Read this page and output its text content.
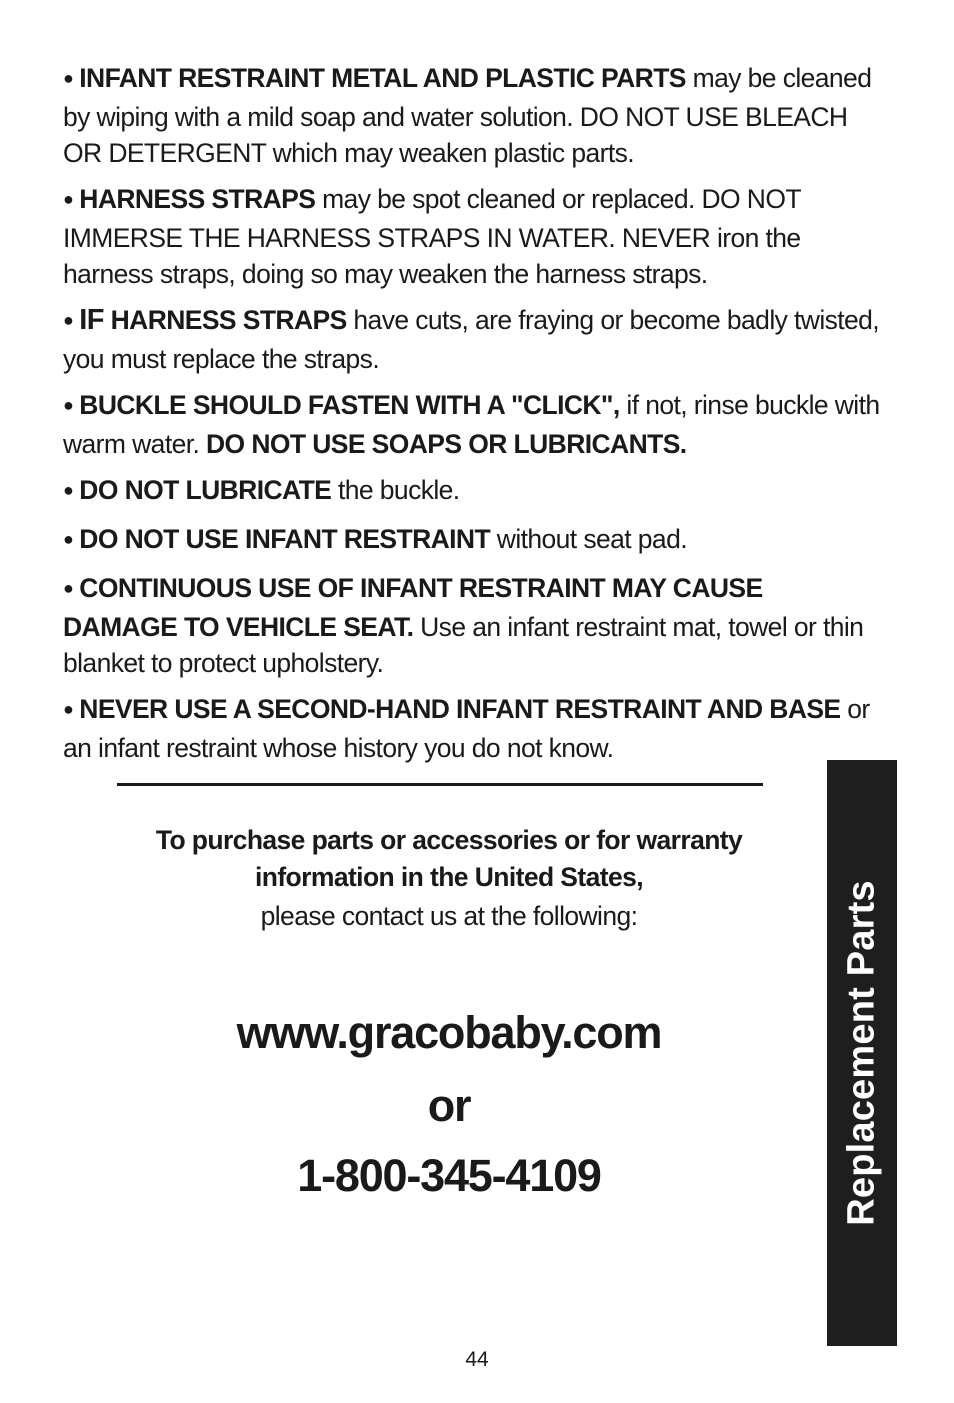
● INFANT RESTRAINT METAL AND PLASTIC PARTS may be cleaned by wiping with a mild soap and water solution. DO NOT USE BLEACH OR DETERGENT which may weaken plastic parts.

● HARNESS STRAPS may be spot cleaned or replaced. DO NOT IMMERSE THE HARNESS STRAPS IN WATER. NEVER iron the harness straps, doing so may weaken the harness straps.

● IF HARNESS STRAPS have cuts, are fraying or become badly twisted, you must replace the straps.

● BUCKLE SHOULD FASTEN WITH A "CLICK", if not, rinse buckle with warm water. DO NOT USE SOAPS OR LUBRICANTS.

● DO NOT LUBRICATE the buckle.

● DO NOT USE INFANT RESTRAINT without seat pad.

● CONTINUOUS USE OF INFANT RESTRAINT MAY CAUSE DAMAGE TO VEHICLE SEAT. Use an infant restraint mat, towel or thin blanket to protect upholstery.

● NEVER USE A SECOND-HAND INFANT RESTRAINT AND BASE or an infant restraint whose history you do not know.

To purchase parts or accessories or for warranty
information in the United States,
please contact us at the following:
www.gracobaby.com
or
1-800-345-4109	Replacement Parts
44
